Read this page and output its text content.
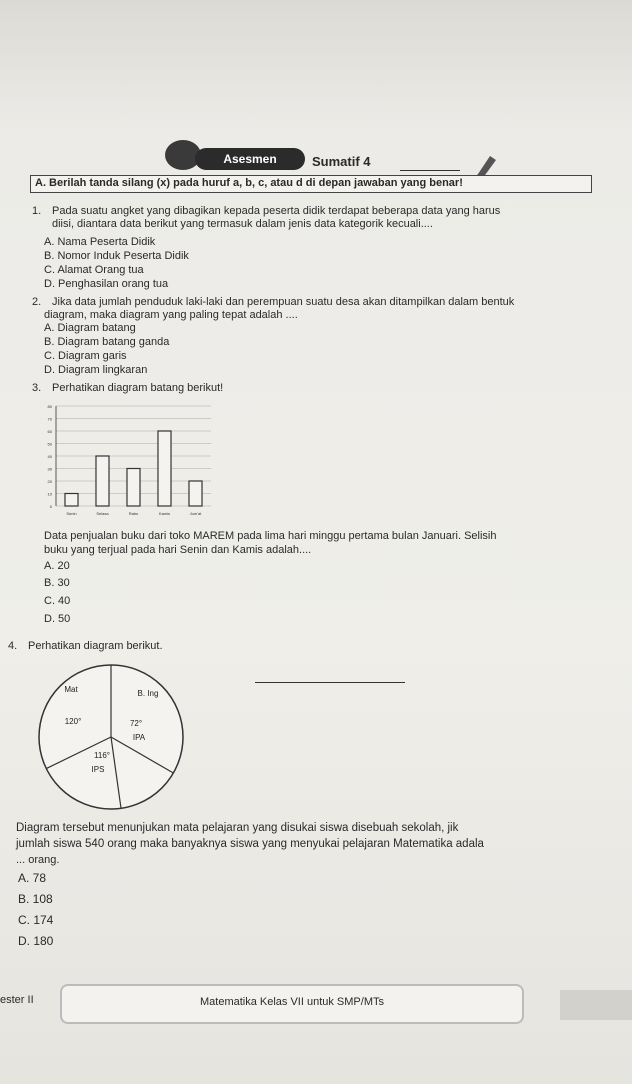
Asesmen	Sumatif 4
A. Berilah tanda silang (x) pada huruf a, b, c, atau d di depan jawaban yang benar!
1. Pada suatu angket yang dibagikan kepada peserta didik terdapat beberapa data yang harus
diisi, diantara data berikut yang termasuk dalam jenis data kategorik kecuali....
A. Nama Peserta Didik
B. Nomor Induk Peserta Didik
C. Alamat Orang tua
D. Penghasilan orang tua
2. Jika data jumlah penduduk laki-laki dan perempuan suatu desa akan ditampilkan dalam bentuk
diagram, maka diagram yang paling tepat adalah ....
A. Diagram batang
B. Diagram batang ganda
C. Diagram garis
D. Diagram lingkaran
3. Perhatikan diagram batang berikut!
0
10
20
30
40
50
60
70
80
Senin	Selasa	Rabu	Kamis	Jum'at
Data penjualan buku dari toko MAREM pada lima hari minggu pertama bulan Januari. Selisih
buku yang terjual pada hari Senin dan Kamis adalah....
A. 20
B. 30
C. 40
D. 50
4. Perhatikan diagram berikut.
Mat	B. Ing
IPA
IPS
120°	72°
116°
Diagram tersebut menunjukan mata pelajaran yang disukai siswa disebuah sekolah, jik
jumlah siswa 540 orang maka banyaknya siswa yang menyukai pelajaran Matematika adala
... orang.
A. 78
B. 108
C. 174
D. 180
ester II	Matematika Kelas VII untuk SMP/MTs
